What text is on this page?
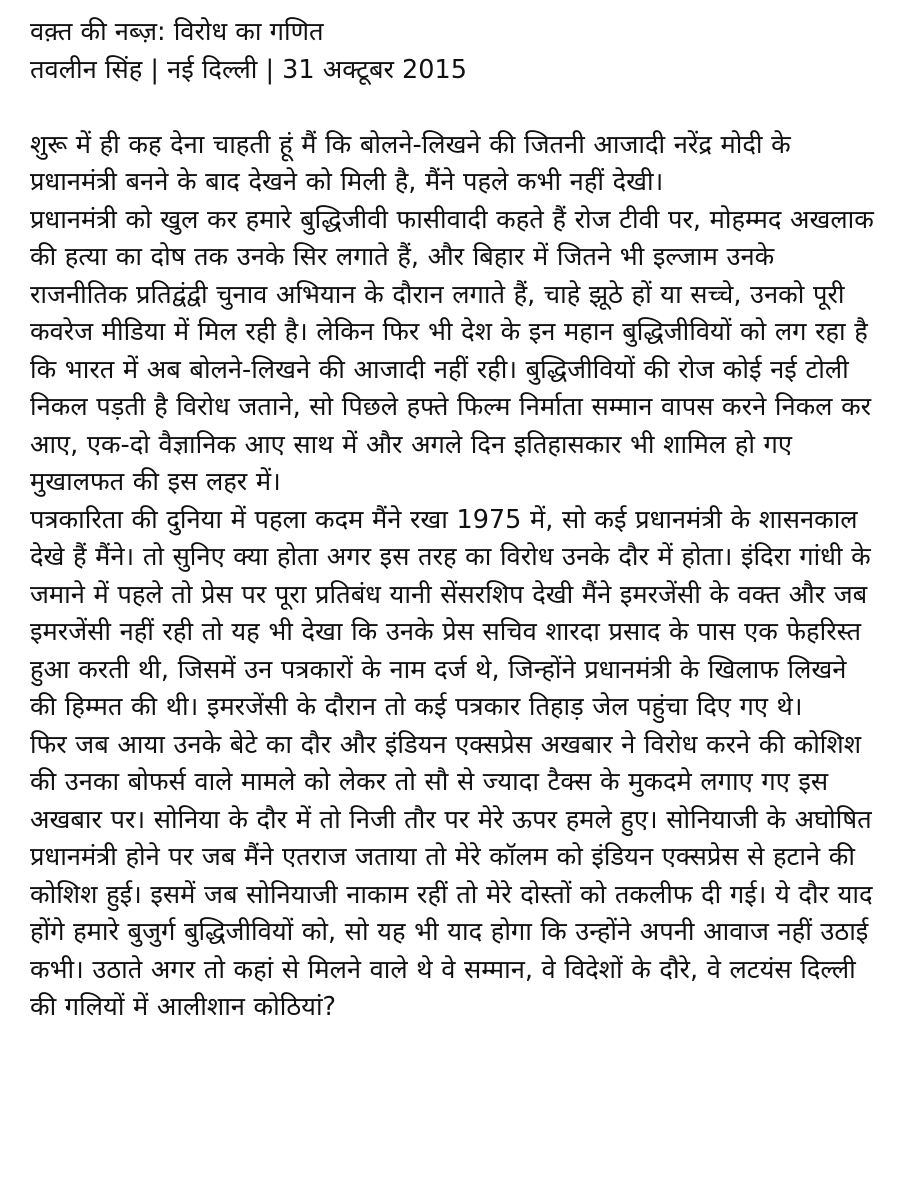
वक़्त की नब्ज़: विरोध का गणित
तवलीन सिंह | नई दिल्ली | 31 अक्टूबर 2015

शुरू में ही कह देना चाहती हूं मैं कि बोलने-लिखने की जितनी आजादी नरेंद्र मोदी के प्रधानमंत्री बनने के बाद देखने को मिली है, मैंने पहले कभी नहीं देखी।

प्रधानमंत्री को खुल कर हमारे बुद्धिजीवी फासीवादी कहते हैं रोज टीवी पर, मोहम्मद अखलाक की हत्या का दोष तक उनके सिर लगाते हैं, और बिहार में जितने भी इल्जाम उनके राजनीतिक प्रतिद्वंद्वी चुनाव अभियान के दौरान लगाते हैं, चाहे झूठे हों या सच्चे, उनको पूरी कवरेज मीडिया में मिल रही है। लेकिन फिर भी देश के इन महान बुद्धिजीवियों को लग रहा है कि भारत में अब बोलने-लिखने की आजादी नहीं रही। बुद्धिजीवियों की रोज कोई नई टोली निकल पड़ती है विरोध जताने, सो पिछले हफ्ते फिल्म निर्माता सम्मान वापस करने निकल कर आए, एक-दो वैज्ञानिक आए साथ में और अगले दिन इतिहासकार भी शामिल हो गए मुखालफत की इस लहर में।

पत्रकारिता की दुनिया में पहला कदम मैंने रखा 1975 में, सो कई प्रधानमंत्री के शासनकाल देखे हैं मैंने। तो सुनिए क्या होता अगर इस तरह का विरोध उनके दौर में होता। इंदिरा गांधी के जमाने में पहले तो प्रेस पर पूरा प्रतिबंध यानी सेंसरशिप देखी मैंने इमरजेंसी के वक्त और जब इमरजेंसी नहीं रही तो यह भी देखा कि उनके प्रेस सचिव शारदा प्रसाद के पास एक फेहरिस्त हुआ करती थी, जिसमें उन पत्रकारों के नाम दर्ज थे, जिन्होंने प्रधानमंत्री के खिलाफ लिखने की हिम्मत की थी। इमरजेंसी के दौरान तो कई पत्रकार तिहाड़ जेल पहुंचा दिए गए थे।

फिर जब आया उनके बेटे का दौर और इंडियन एक्सप्रेस अखबार ने विरोध करने की कोशिश की उनका बोफर्स वाले मामले को लेकर तो सौ से ज्यादा टैक्स के मुकदमे लगाए गए इस अखबार पर। सोनिया के दौर में तो निजी तौर पर मेरे ऊपर हमले हुए। सोनियाजी के अघोषित प्रधानमंत्री होने पर जब मैंने एतराज जताया तो मेरे कॉलम को इंडियन एक्सप्रेस से हटाने की कोशिश हुई। इसमें जब सोनियाजी नाकाम रहीं तो मेरे दोस्तों को तकलीफ दी गई। ये दौर याद होंगे हमारे बुजुर्ग बुद्धिजीवियों को, सो यह भी याद होगा कि उन्होंने अपनी आवाज नहीं उठाई कभी। उठाते अगर तो कहां से मिलने वाले थे वे सम्मान, वे विदेशों के दौरे, वे लटयंस दिल्ली की गलियों में आलीशान कोठियां?
